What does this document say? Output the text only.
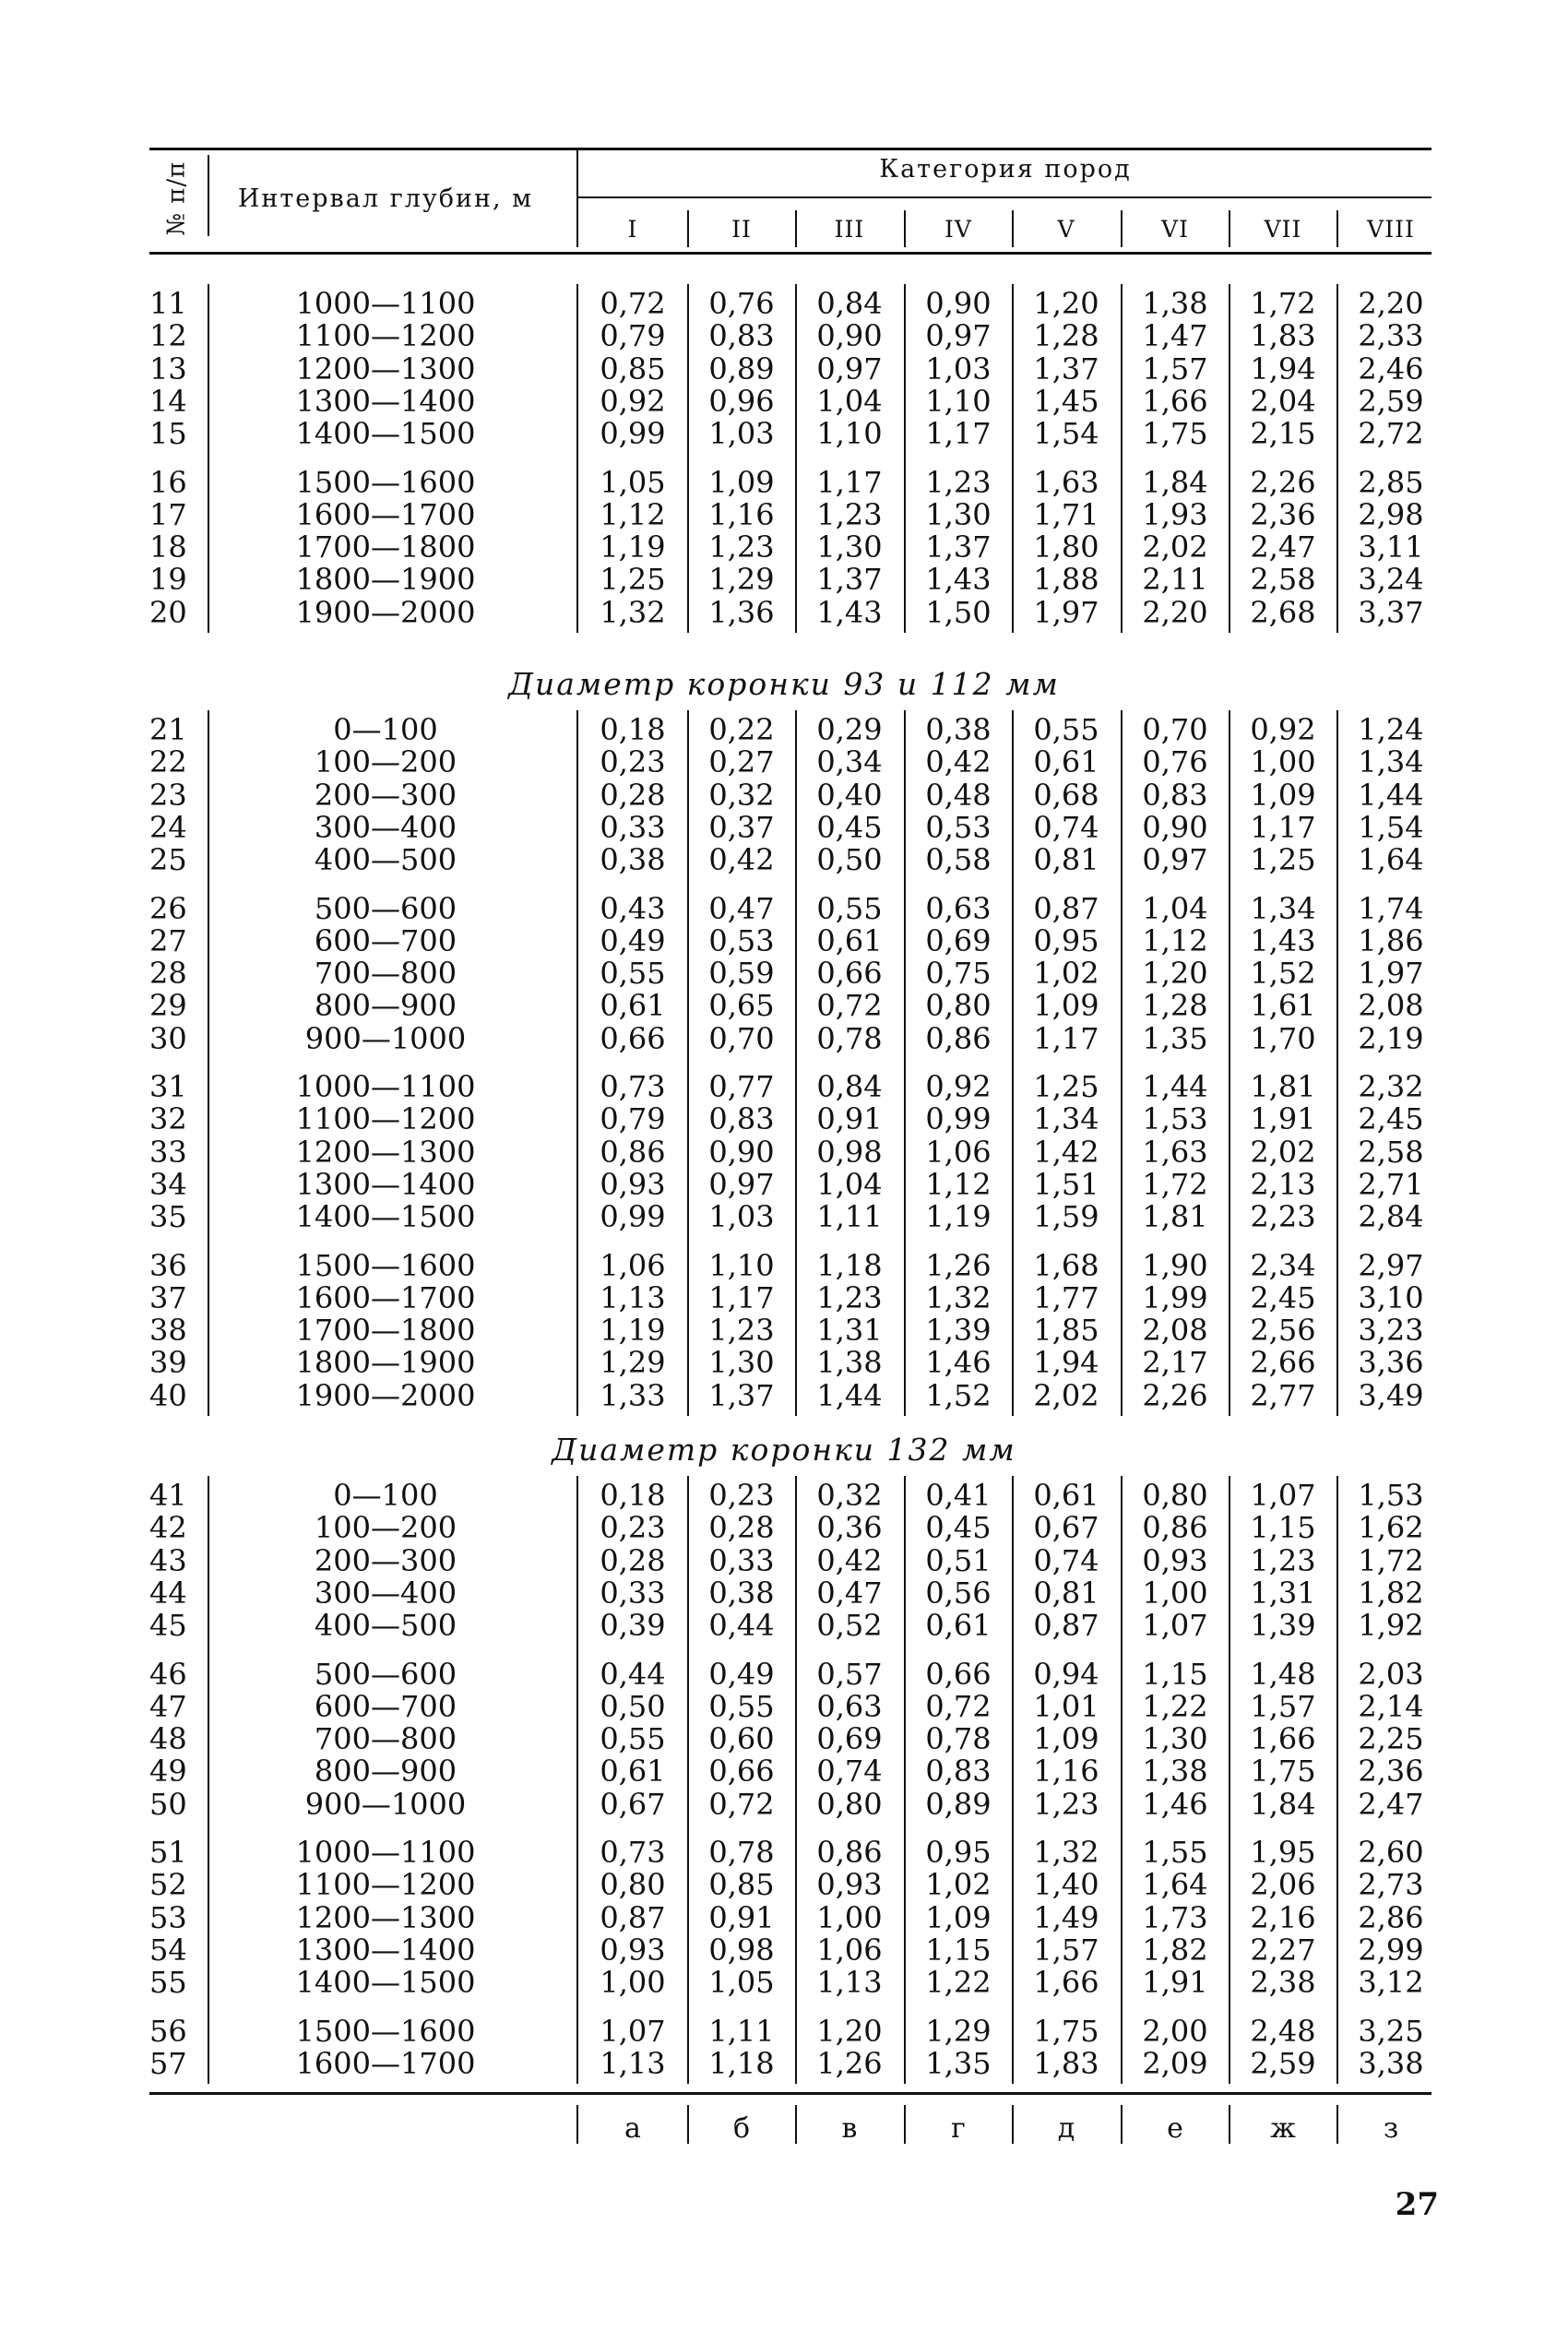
№ п/п	Интервал глубин, м
Категория пород
I	II	III	IV	V	VI	VII	VIII
11	1000—1100	0,72	0,76	0,84	0,90	1,20	1,38	1,72	2,20
12	1100—1200	0,79	0,83	0,90	0,97	1,28	1,47	1,83	2,33
13	1200—1300	0,85	0,89	0,97	1,03	1,37	1,57	1,94	2,46
14	1300—1400	0,92	0,96	1,04	1,10	1,45	1,66	2,04	2,59
15	1400—1500	0,99	1,03	1,10	1,17	1,54	1,75	2,15	2,72
16	1500—1600	1,05	1,09	1,17	1,23	1,63	1,84	2,26	2,85
17	1600—1700	1,12	1,16	1,23	1,30	1,71	1,93	2,36	2,98
18	1700—1800	1,19	1,23	1,30	1,37	1,80	2,02	2,47	3,11
19	1800—1900	1,25	1,29	1,37	1,43	1,88	2,11	2,58	3,24
20	1900—2000	1,32	1,36	1,43	1,50	1,97	2,20	2,68	3,37
Диаметр коронки 93 и 112 мм
21	0—100	0,18	0,22	0,29	0,38	0,55	0,70	0,92	1,24
22	100—200	0,23	0,27	0,34	0,42	0,61	0,76	1,00	1,34
23	200—300	0,28	0,32	0,40	0,48	0,68	0,83	1,09	1,44
24	300—400	0,33	0,37	0,45	0,53	0,74	0,90	1,17	1,54
25	400—500	0,38	0,42	0,50	0,58	0,81	0,97	1,25	1,64
26	500—600	0,43	0,47	0,55	0,63	0,87	1,04	1,34	1,74
27	600—700	0,49	0,53	0,61	0,69	0,95	1,12	1,43	1,86
28	700—800	0,55	0,59	0,66	0,75	1,02	1,20	1,52	1,97
29	800—900	0,61	0,65	0,72	0,80	1,09	1,28	1,61	2,08
30	900—1000	0,66	0,70	0,78	0,86	1,17	1,35	1,70	2,19
31	1000—1100	0,73	0,77	0,84	0,92	1,25	1,44	1,81	2,32
32	1100—1200	0,79	0,83	0,91	0,99	1,34	1,53	1,91	2,45
33	1200—1300	0,86	0,90	0,98	1,06	1,42	1,63	2,02	2,58
34	1300—1400	0,93	0,97	1,04	1,12	1,51	1,72	2,13	2,71
35	1400—1500	0,99	1,03	1,11	1,19	1,59	1,81	2,23	2,84
36	1500—1600	1,06	1,10	1,18	1,26	1,68	1,90	2,34	2,97
37	1600—1700	1,13	1,17	1,23	1,32	1,77	1,99	2,45	3,10
38	1700—1800	1,19	1,23	1,31	1,39	1,85	2,08	2,56	3,23
39	1800—1900	1,29	1,30	1,38	1,46	1,94	2,17	2,66	3,36
40	1900—2000	1,33	1,37	1,44	1,52	2,02	2,26	2,77	3,49
Диаметр коронки 132 мм
41	0—100	0,18	0,23	0,32	0,41	0,61	0,80	1,07	1,53
42	100—200	0,23	0,28	0,36	0,45	0,67	0,86	1,15	1,62
43	200—300	0,28	0,33	0,42	0,51	0,74	0,93	1,23	1,72
44	300—400	0,33	0,38	0,47	0,56	0,81	1,00	1,31	1,82
45	400—500	0,39	0,44	0,52	0,61	0,87	1,07	1,39	1,92
46	500—600	0,44	0,49	0,57	0,66	0,94	1,15	1,48	2,03
47	600—700	0,50	0,55	0,63	0,72	1,01	1,22	1,57	2,14
48	700—800	0,55	0,60	0,69	0,78	1,09	1,30	1,66	2,25
49	800—900	0,61	0,66	0,74	0,83	1,16	1,38	1,75	2,36
50	900—1000	0,67	0,72	0,80	0,89	1,23	1,46	1,84	2,47
51	1000—1100	0,73	0,78	0,86	0,95	1,32	1,55	1,95	2,60
52	1100—1200	0,80	0,85	0,93	1,02	1,40	1,64	2,06	2,73
53	1200—1300	0,87	0,91	1,00	1,09	1,49	1,73	2,16	2,86
54	1300—1400	0,93	0,98	1,06	1,15	1,57	1,82	2,27	2,99
55	1400—1500	1,00	1,05	1,13	1,22	1,66	1,91	2,38	3,12
56	1500—1600	1,07	1,11	1,20	1,29	1,75	2,00	2,48	3,25
57	1600—1700	1,13	1,18	1,26	1,35	1,83	2,09	2,59	3,38
а	б	в	г	д	е	ж	з
27
